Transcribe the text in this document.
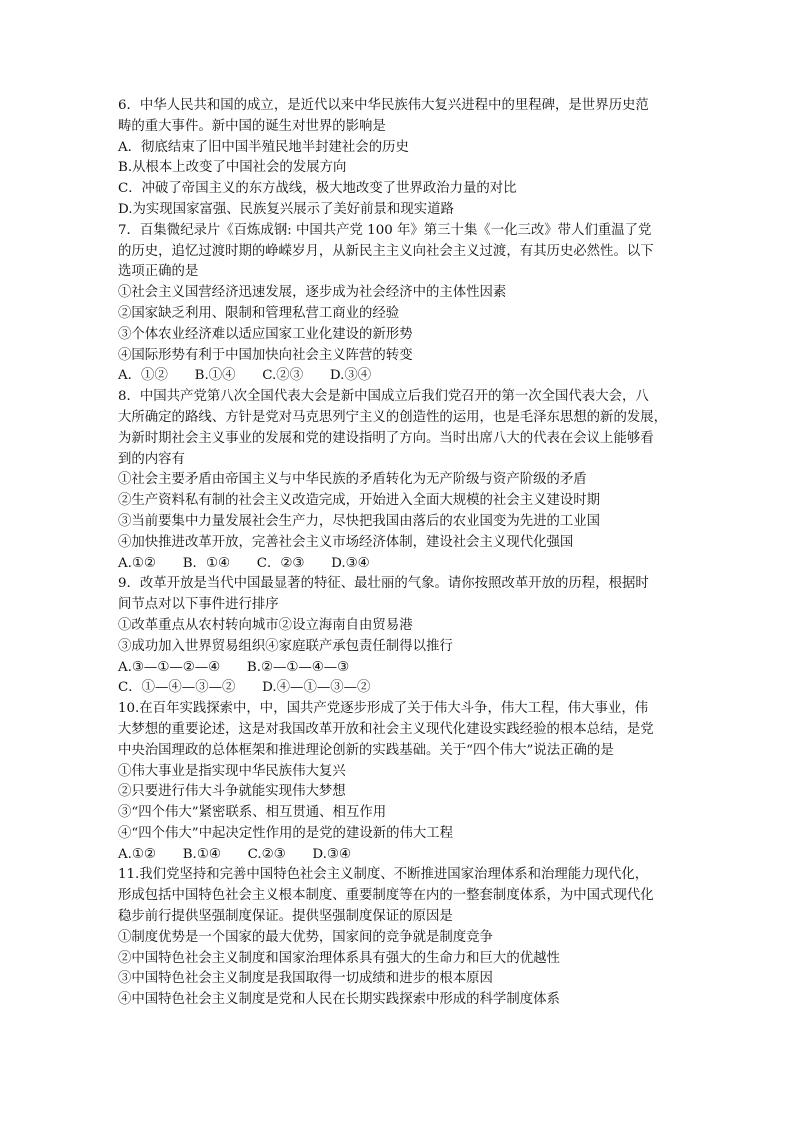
6．中华人民共和国的成立，是近代以来中华民族伟大复兴进程中的里程碑，是世界历史范
畴的重大事件。新中国的诞生对世界的影响是
A．彻底结束了旧中国半殖民地半封建社会的历史
B.从根本上改变了中国社会的发展方向
C．冲破了帝国主义的东方战线，极大地改变了世界政治力量的对比
D.为实现国家富强、民族复兴展示了美好前景和现实道路
7．百集微纪录片《百炼成钢: 中国共产党 100 年》第三十集《一化三改》带人们重温了党
的历史，追忆过渡时期的峥嵘岁月，从新民主主义向社会主义过渡，有其历史必然性。以下
选项正确的是
①社会主义国营经济迅速发展，逐步成为社会经济中的主体性因素
②国家缺乏利用、限制和管理私营工商业的经验
③个体农业经济难以适应国家工业化建设的新形势
④国际形势有利于中国加快向社会主义阵营的转变
A．①②　　B.①④　　C.②③　　D.③④
8．中国共产党第八次全国代表大会是新中国成立后我们党召开的第一次全国代表大会，八
大所确定的路线、方针是党对马克思列宁主义的创造性的运用，也是毛泽东思想的新的发展，
为新时期社会主义事业的发展和党的建设指明了方向。当时出席八大的代表在会议上能够看
到的内容有
①社会主要矛盾由帝国主义与中华民族的矛盾转化为无产阶级与资产阶级的矛盾
②生产资料私有制的社会主义改造完成，开始进入全面大规模的社会主义建设时期
③当前要集中力量发展社会生产力，尽快把我国由落后的农业国变为先进的工业国
④加快推进改革开放，完善社会主义市场经济体制，建设社会主义现代化强国
A.①②　　B．①④　　C．②③　　D.③④
9．改革开放是当代中国最显著的特征、最壮丽的气象。请你按照改革开放的历程，根据时
间节点对以下事件进行排序
①改革重点从农村转向城市②设立海南自由贸易港
③成功加入世界贸易组织④家庭联产承包责任制得以推行
A.③—①—②—④　　B.②—①—④—③
C．①—④—③—②　　D.④—①—③—②
10.在百年实践探索中，中，国共产党逐步形成了关于伟大斗争，伟大工程，伟大事业，伟
大梦想的重要论述，这是对我国改革开放和社会主义现代化建设实践经验的根本总结，是党
中央治国理政的总体框架和推进理论创新的实践基础。关于“四个伟大”说法正确的是
①伟大事业是指实现中华民族伟大复兴
②只要进行伟大斗争就能实现伟大梦想
③“四个伟大”紧密联系、相互贯通、相互作用
④“四个伟大”中起决定性作用的是党的建设新的伟大工程
A.①②　　B.①④　　C.②③　　D.③④
11.我们党坚持和完善中国特色社会主义制度、不断推进国家治理体系和治理能力现代化，
形成包括中国特色社会主义根本制度、重要制度等在内的一整套制度体系，为中国式现代化
稳步前行提供坚强制度保证。提供坚强制度保证的原因是
①制度优势是一个国家的最大优势，国家间的竞争就是制度竞争
②中国特色社会主义制度和国家治理体系具有强大的生命力和巨大的优越性
③中国特色社会主义制度是我国取得一切成绩和进步的根本原因
④中国特色社会主义制度是党和人民在长期实践探索中形成的科学制度体系
